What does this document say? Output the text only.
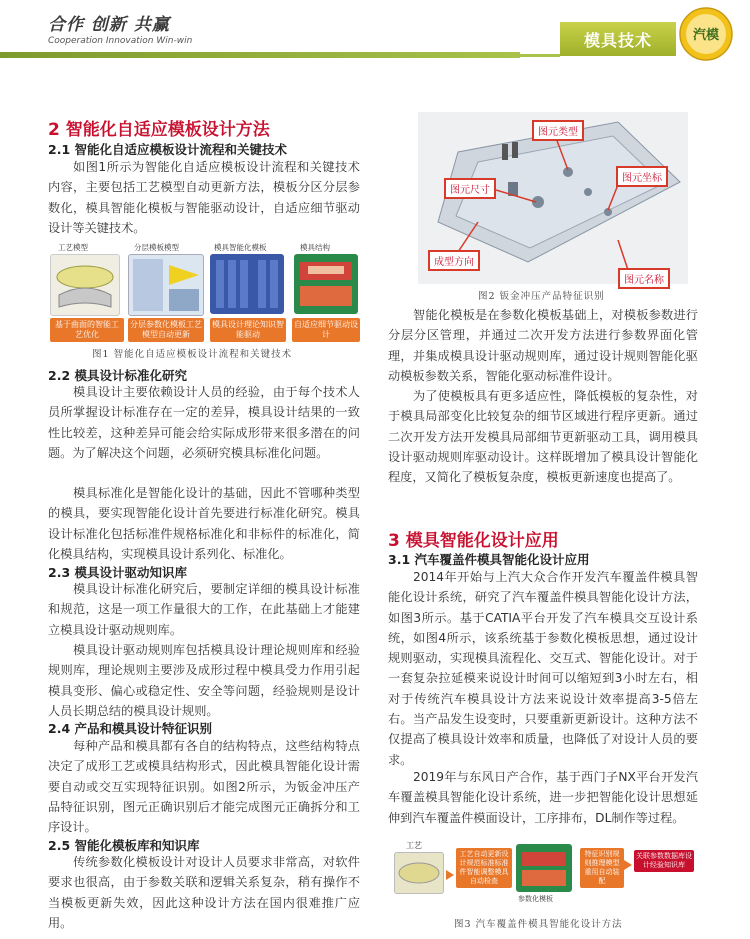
合作 创新 共赢
Cooperation Innovation Win-win	模具技术	汽模
2 智能化自适应模板设计方法
2.1 智能化自适应模板设计流程和关键技术
如图1所示为智能化自适应模板设计流程和关键技术内容，主要包括工艺模型自动更新方法，模板分区分层参数化，模具智能化模板与智能驱动设计，自适应细节驱动设计等关键技术。
工艺模型	分层模板模型	模具智能化模板	模具结构
基于曲面的智能工艺优化
分层参数化模板工艺模型自动更新
模具设计理论知识智能驱动
自适应细节驱动设计
图1 智能化自适应模板设计流程和关键技术
2.2 模具设计标准化研究
模具设计主要依赖设计人员的经验，由于每个技术人员所掌握设计标准存在一定的差异，模具设计结果的一致性比较差，这种差异可能会给实际成形带来很多潜在的问题。为了解决这个问题，必须研究模具标准化问题。
模具标准化是智能化设计的基础，因此不管哪种类型的模具，要实现智能化设计首先要进行标准化研究。模具设计标准化包括标准件规格标准化和非标件的标准化，简化模具结构，实现模具设计系列化、标准化。
2.3 模具设计驱动知识库
模具设计标准化研究后，要制定详细的模具设计标准和规范，这是一项工作量很大的工作，在此基础上才能建立模具设计驱动规则库。
模具设计驱动规则库包括模具设计理论规则库和经验规则库，理论规则主要涉及成形过程中模具受力作用引起模具变形、偏心或稳定性、安全等问题，经验规则是设计人员长期总结的模具设计规则。
2.4 产品和模具设计特征识别
每种产品和模具都有各自的结构特点，这些结构特点决定了成形工艺或模具结构形式，因此模具智能化设计需要自动或交互实现特征识别。如图2所示，为钣金冲压产品特征识别，图元正确识别后才能完成图元正确拆分和工序设计。
2.5 智能化模板库和知识库
传统参数化模板设计对设计人员要求非常高，对软件要求也很高，由于参数关联和逻辑关系复杂，稍有操作不当模板更新失效，因此这种设计方法在国内很难推广应用。
图元类型
图元尺寸
图元坐标
成型方向
图元名称
图2 钣金冲压产品特征识别
智能化模板是在参数化模板基础上，对模板参数进行分层分区管理，并通过二次开发方法进行参数界面化管理，并集成模具设计驱动规则库，通过设计规则智能化驱动模板参数关系，智能化驱动标准件设计。
为了使模板具有更多适应性，降低模板的复杂性，对于模具局部变化比较复杂的细节区域进行程序更新。通过二次开发方法开发模具局部细节更新驱动工具，调用模具设计驱动规则库驱动设计。这样既增加了模具设计智能化程度，又简化了模板复杂度，模板更新速度也提高了。
3 模具智能化设计应用
3.1 汽车覆盖件模具智能化设计应用
2014年开始与上汽大众合作开发汽车覆盖件模具智能化设计系统，研究了汽车覆盖件模具智能化设计方法，如图3所示。基于CATIA平台开发了汽车模具交互设计系统，如图4所示，该系统基于参数化模板思想，通过设计规则驱动，实现模具流程化、交互式、智能化设计。对于一套复杂拉延模来说设计时间可以缩短到3小时左右，相对于传统汽车模具设计方法来说设计效率提高3-5倍左右。当产品发生设变时，只要重新更新设计。这种方法不仅提高了模具设计效率和质量，也降低了对设计人员的要求。
2019年与东风日产合作，基于西门子NX平台开发汽车覆盖模具智能化设计系统，进一步把智能化设计思想延伸到汽车覆盖件模面设计，工序排布，DL制作等过程。
工艺
工艺自动更新设计规范标准标准件智能调整模具自动检查
参数化模板
特征识别规则推理模型重用自动装配
关联参数数据库设计经验知识库
图3 汽车覆盖件模具智能化设计方法
